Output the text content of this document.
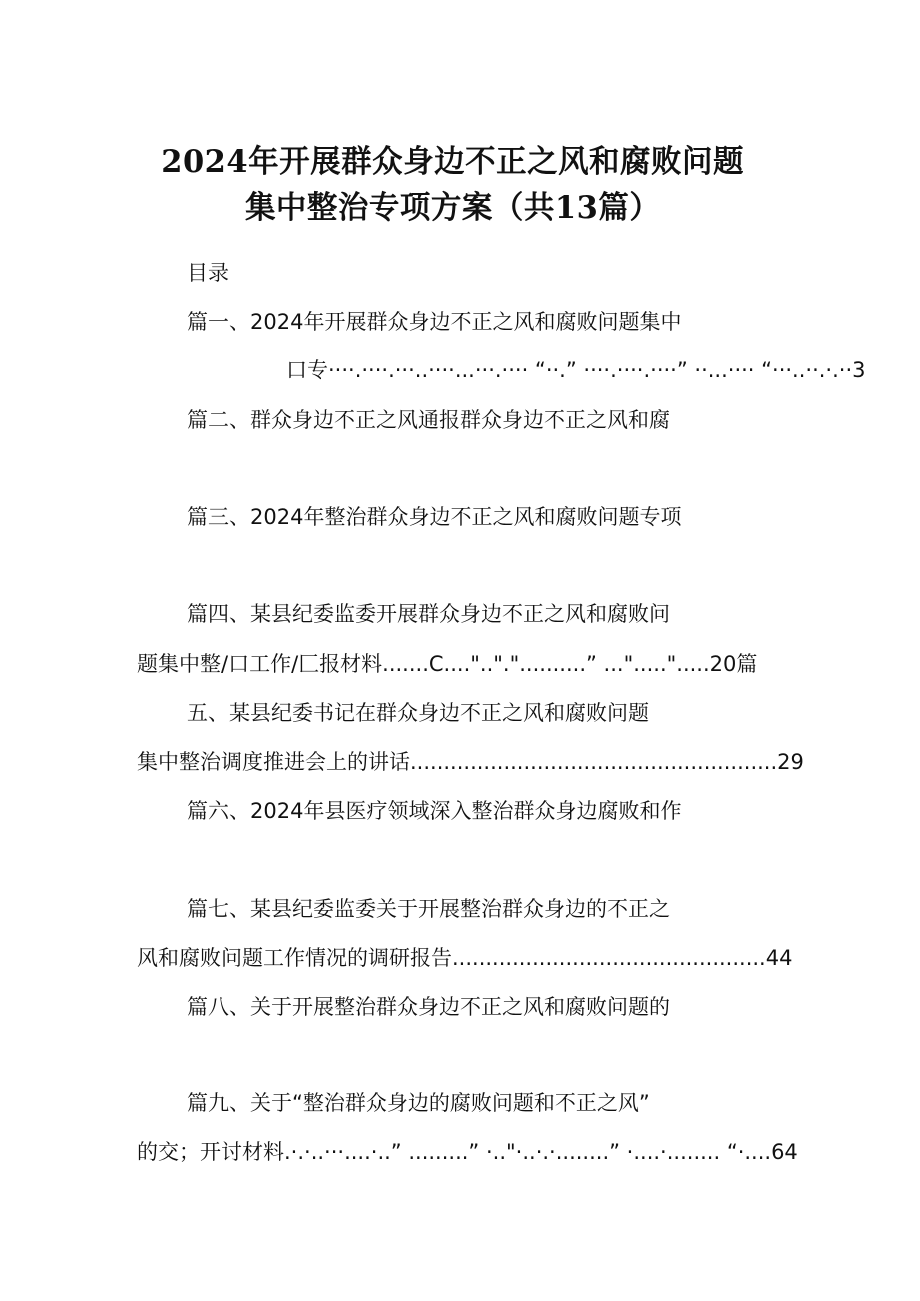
2024年开展群众身边不正之风和腐败问题
集中整治专项方案（共13篇）
目录
篇一、2024年开展群众身边不正之风和腐败问题集中
口专····.····.···..····...···.···· “··.” ····.····.····” ··...···· “···..··.·.··3
篇二、群众身边不正之风通报群众身边不正之风和腐
篇三、2024年整治群众身边不正之风和腐败问题专项
篇四、某县纪委监委开展群众身边不正之风和腐败问
题集中整/口工作/匚报材料.......C....".."."..........” ...".....".....20篇
五、某县纪委书记在群众身边不正之风和腐败问题
集中整治调度推进会上的讲话.......................................................29
篇六、2024年县医疗领域深入整治群众身边腐败和作
篇七、某县纪委监委关于开展整治群众身边的不正之
风和腐败问题工作情况的调研报告...............................................44
篇八、关于开展整治群众身边不正之风和腐败问题的
篇九、关于“整治群众身边的腐败问题和不正之风”
的交；开讨材料.·.·..···....·..” .........” ·.."·..·.·........” ·....·........ “·....64
